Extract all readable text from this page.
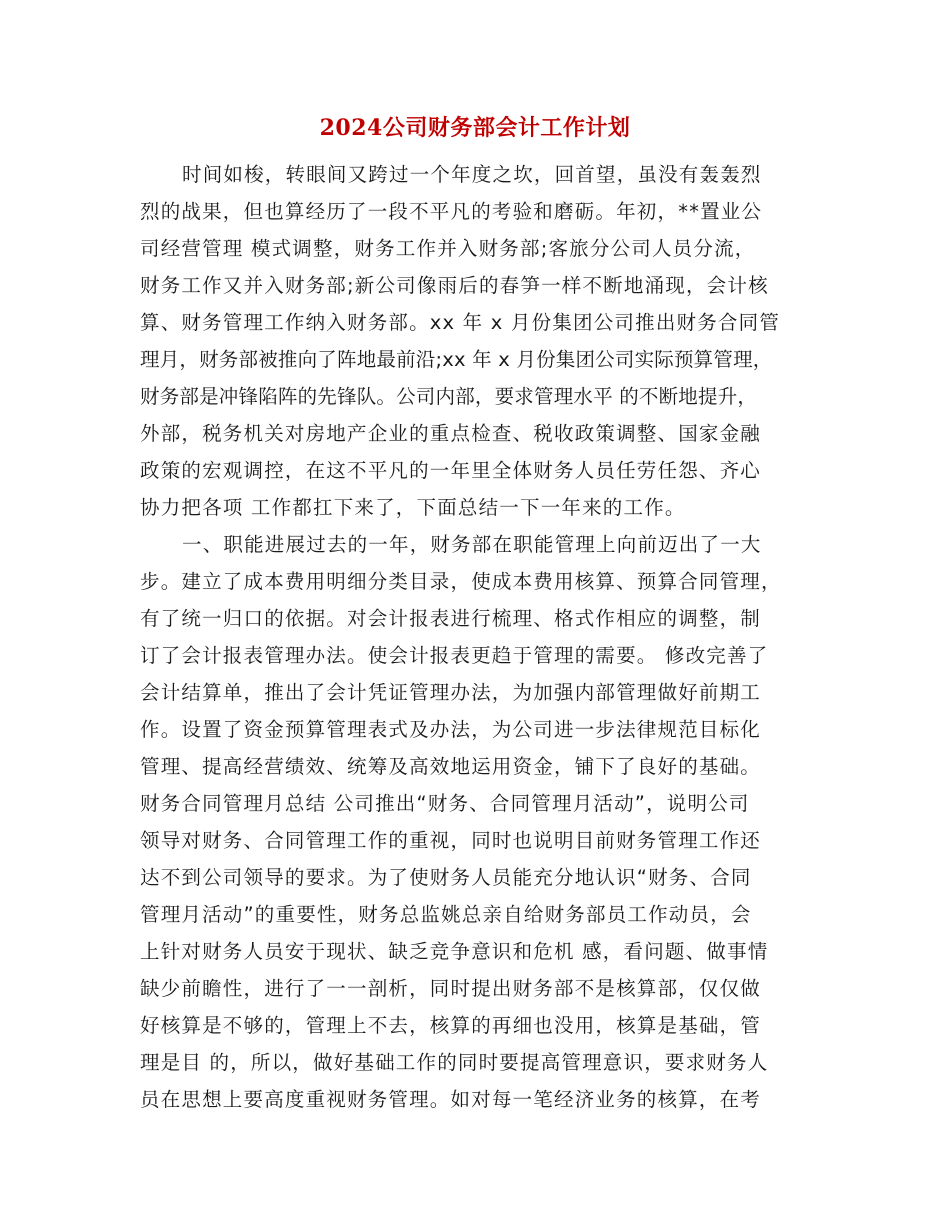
2024公司财务部会计工作计划
时间如梭，转眼间又跨过一个年度之坎，回首望，虽没有轰轰烈
烈的战果，但也算经历了一段不平凡的考验和磨砺。年初，**置业公
司经营管理 模式调整，财务工作并入财务部;客旅分公司人员分流，
财务工作又并入财务部;新公司像雨后的春笋一样不断地涌现，会计核
算、财务管理工作纳入财务部。xx 年 x 月份集团公司推出财务合同管
理月，财务部被推向了阵地最前沿;xx 年 x 月份集团公司实际预算管理，
财务部是冲锋陷阵的先锋队。公司内部，要求管理水平 的不断地提升，
外部，税务机关对房地产企业的重点检查、税收政策调整、国家金融
政策的宏观调控，在这不平凡的一年里全体财务人员任劳任怨、齐心
协力把各项 工作都扛下来了，下面总结一下一年来的工作。
一、职能进展过去的一年，财务部在职能管理上向前迈出了一大
步。建立了成本费用明细分类目录，使成本费用核算、预算合同管理，
有了统一归口的依据。对会计报表进行梳理、格式作相应的调整，制
订了会计报表管理办法。使会计报表更趋于管理的需要。 修改完善了
会计结算单，推出了会计凭证管理办法，为加强内部管理做好前期工
作。设置了资金预算管理表式及办法，为公司进一步法律规范目标化
管理、提高经营绩效、统筹及高效地运用资金，铺下了良好的基础。
财务合同管理月总结 公司推出“财务、合同管理月活动”，说明公司
领导对财务、合同管理工作的重视，同时也说明目前财务管理工作还
达不到公司领导的要求。为了使财务人员能充分地认识“财务、合同
管理月活动”的重要性，财务总监姚总亲自给财务部员工作动员，会
上针对财务人员安于现状、缺乏竞争意识和危机 感，看问题、做事情
缺少前瞻性，进行了一一剖析，同时提出财务部不是核算部，仅仅做
好核算是不够的，管理上不去，核算的再细也没用，核算是基础，管
理是目 的，所以，做好基础工作的同时要提高管理意识，要求财务人
员在思想上要高度重视财务管理。如对每一笔经济业务的核算，在考
